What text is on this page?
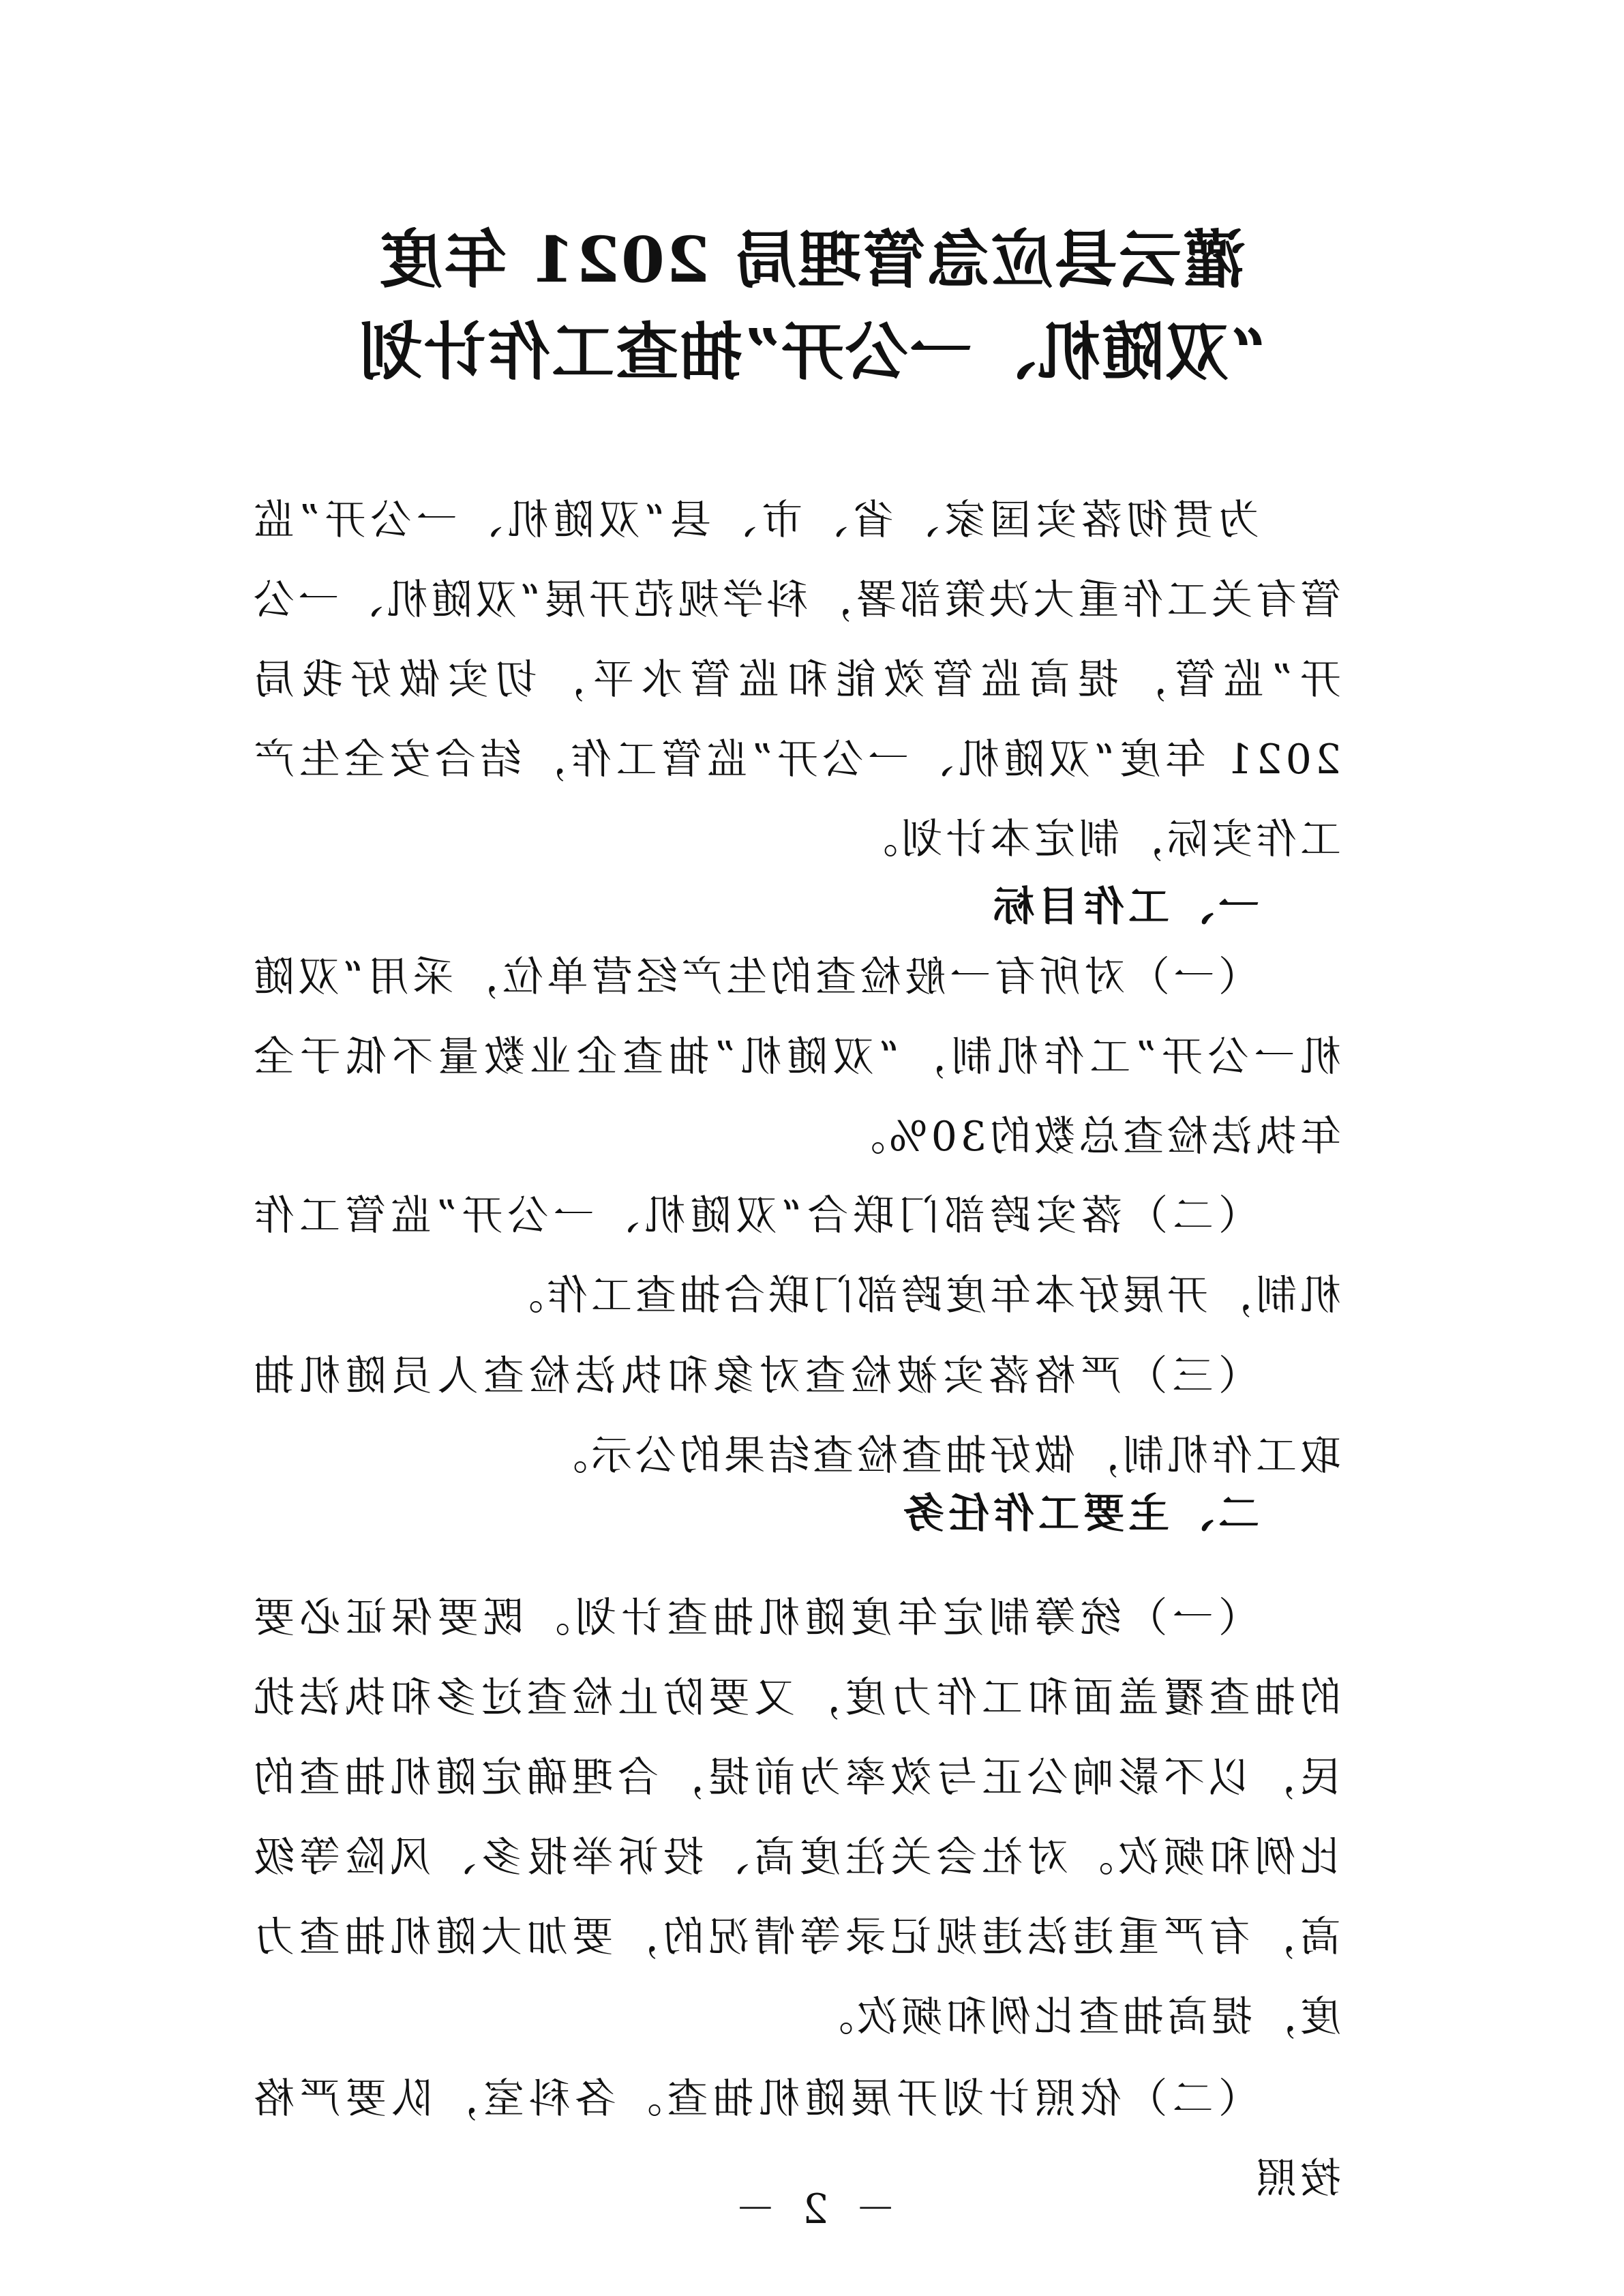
灌云县应急管理局 2021 年度
“双随机、一公开”抽查工作计划
为贯彻落实国家、省、市、县“双随机、一公开”监管有关工作重大决策部署，科学规范开展“双随机、一公开”监管，提高监管效能和监管水平，切实做好我局 2021 年度“双随机、一公开”监管工作，结合安全生产工作实际，制定本计划。
一、工作目标
（一）对所有一般检查的生产经营单位，采用“双随机一公开”工作机制，“双随机”抽查企业数量不低于全年执法检查总数的30%。
（二）落实跨部门联合“双随机、一公开”监管工作机制，开展好本年度跨部门联合抽查工作。
（三）严格落实被检查对象和执法检查人员随机抽取工作机制，做好抽查检查结果的公示。
二、主要工作任务
（一）统筹制定年度随机抽查计划。既要保证必要的抽查覆盖面和工作力度，又要防止检查过多和执法扰民，以不影响公正与效率为前提，合理确定随机抽查的比例和频次。对社会关注度高、投诉举报多、风险等级高，有严重违法违规记录等情况的，要加大随机抽查力度，提高抽查比例和频次。
（二）依照计划开展随机抽查。各科室，队要严格按照
－ 2 －
